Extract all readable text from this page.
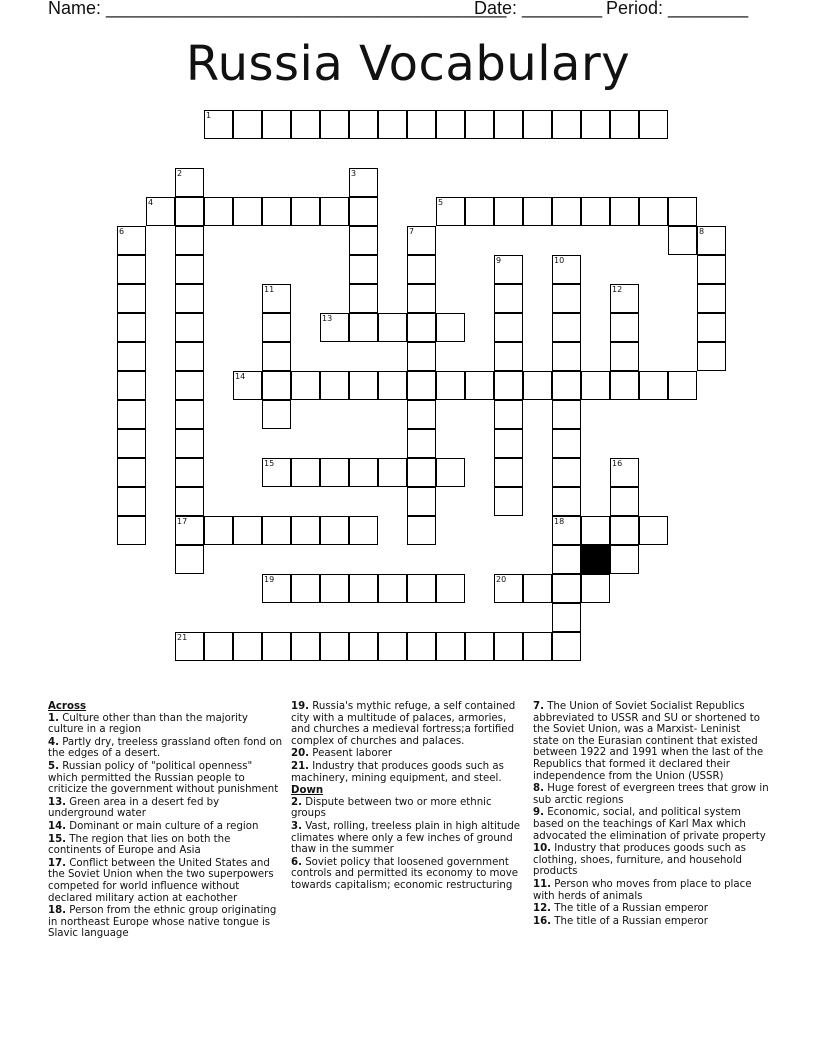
Name: ________________________________________
Date: ________ Period: ________
Russia Vocabulary
1
2	3
4	5
6	7	8
9	10
11	12
13
14
15	16
17	18
19	20
21
Across
1. Culture other than than the majority culture in a region
4. Partly dry, treeless grassland often fond on the edges of a desert.
5. Russian policy of "political openness" which permitted the Russian people to criticize the government without punishment
13. Green area in a desert fed by underground water
14. Dominant or main culture of a region
15. The region that lies on both the continents of Europe and Asia
17. Conflict between the United States and the Soviet Union when the two superpowers competed for world influence without declared military action at eachother
18. Person from the ethnic group originating in northeast Europe whose native tongue is Slavic language
19. Russia's mythic refuge, a self contained city with a multitude of palaces, armories, and churches a medieval fortress;a fortified complex of churches and palaces.
20. Peasent laborer
21. Industry that produces goods such as machinery, mining equipment, and steel.
Down
2. Dispute between two or more ethnic groups
3. Vast, rolling, treeless plain in high altitude climates where only a few inches of ground thaw in the summer
6. Soviet policy that loosened government controls and permitted its economy to move towards capitalism; economic restructuring
7. The Union of Soviet Socialist Republics abbreviated to USSR and SU or shortened to the Soviet Union, was a Marxist- Leninist state on the Eurasian continent that existed between 1922 and 1991 when the last of the Republics that formed it declared their independence from the Union (USSR)
8. Huge forest of evergreen trees that grow in sub arctic regions
9. Economic, social, and political system based on the teachings of Karl Max which advocated the elimination of private property
10. Industry that produces goods such as clothing, shoes, furniture, and household products
11. Person who moves from place to place with herds of animals
12. The title of a Russian emperor
16. The title of a Russian emperor
